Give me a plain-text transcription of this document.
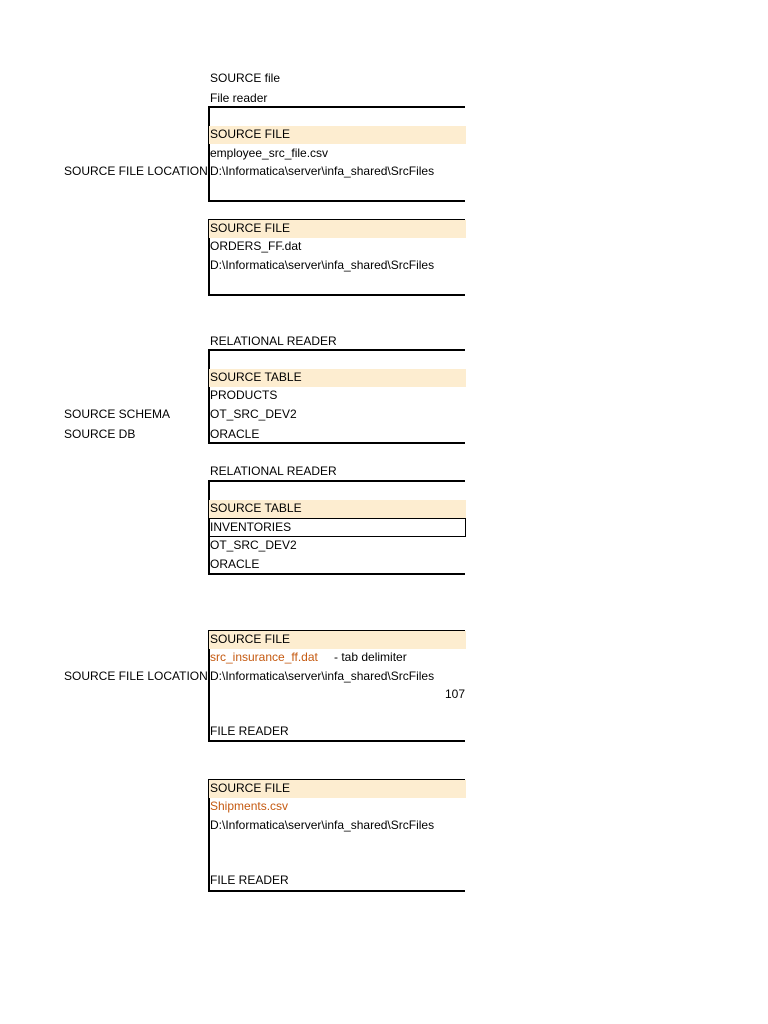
SOURCE file
File reader
SOURCE FILE
employee_src_file.csv
SOURCE FILE LOCATION D:\Informatica\server\infa_shared\SrcFiles
SOURCE FILE
ORDERS_FF.dat
D:\Informatica\server\infa_shared\SrcFiles
RELATIONAL READER
SOURCE TABLE
PRODUCTS
SOURCE SCHEMA	OT_SRC_DEV2
SOURCE DB	ORACLE
RELATIONAL READER
SOURCE TABLE
INVENTORIES
OT_SRC_DEV2
ORACLE
SOURCE FILE
src_insurance_ff.dat - tab delimiter
SOURCE FILE LOCATION D:\Informatica\server\infa_shared\SrcFiles
107
FILE READER
SOURCE FILE
Shipments.csv
D:\Informatica\server\infa_shared\SrcFiles
FILE READER
